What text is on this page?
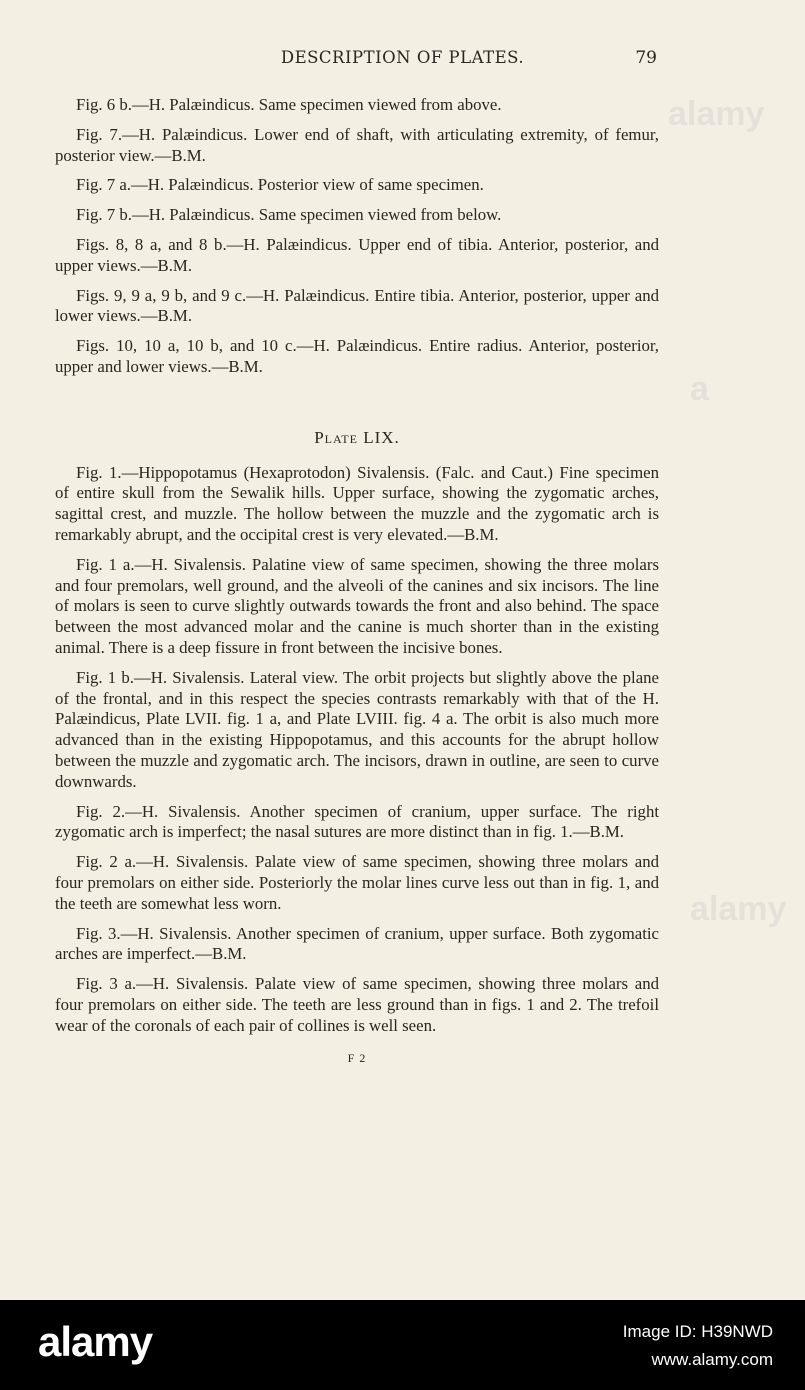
DESCRIPTION OF PLATES.	79

Fig. 6 b.—H. Palæindicus. Same specimen viewed from above.

Fig. 7.—H. Palæindicus. Lower end of shaft, with articulating extremity, of femur, posterior view.—B.M.

Fig. 7 a.—H. Palæindicus. Posterior view of same specimen.

Fig. 7 b.—H. Palæindicus. Same specimen viewed from below.

Figs. 8, 8 a, and 8 b.—H. Palæindicus. Upper end of tibia. Anterior, posterior, and upper views.—B.M.

Figs. 9, 9 a, 9 b, and 9 c.—H. Palæindicus. Entire tibia. Anterior, posterior, upper and lower views.—B.M.

Figs. 10, 10 a, 10 b, and 10 c.—H. Palæindicus. Entire radius. Anterior, posterior, upper and lower views.—B.M.

Plate LIX.

Fig. 1.—Hippopotamus (Hexaprotodon) Sivalensis. (Falc. and Caut.) Fine specimen of entire skull from the Sewalik hills. Upper surface, showing the zygomatic arches, sagittal crest, and muzzle. The hollow between the muzzle and the zygomatic arch is remarkably abrupt, and the occipital crest is very elevated.—B.M.

Fig. 1 a.—H. Sivalensis. Palatine view of same specimen, showing the three molars and four premolars, well ground, and the alveoli of the canines and six incisors. The line of molars is seen to curve slightly outwards towards the front and also behind. The space between the most advanced molar and the canine is much shorter than in the existing animal. There is a deep fissure in front between the incisive bones.

Fig. 1 b.—H. Sivalensis. Lateral view. The orbit projects but slightly above the plane of the frontal, and in this respect the species contrasts remarkably with that of the H. Palæindicus, Plate LVII. fig. 1 a, and Plate LVIII. fig. 4 a. The orbit is also much more advanced than in the existing Hippopotamus, and this accounts for the abrupt hollow between the muzzle and zygomatic arch. The incisors, drawn in outline, are seen to curve downwards.

Fig. 2.—H. Sivalensis. Another specimen of cranium, upper surface. The right zygomatic arch is imperfect; the nasal sutures are more distinct than in fig. 1.—B.M.

Fig. 2 a.—H. Sivalensis. Palate view of same specimen, showing three molars and four premolars on either side. Posteriorly the molar lines curve less out than in fig. 1, and the teeth are somewhat less worn.

Fig. 3.—H. Sivalensis. Another specimen of cranium, upper surface. Both zygomatic arches are imperfect.—B.M.

Fig. 3 a.—H. Sivalensis. Palate view of same specimen, showing three molars and four premolars on either side. The teeth are less ground than in figs. 1 and 2. The trefoil wear of the coronals of each pair of collines is well seen.

F 2
alamy
a
alamy
alamy	Image ID: H39NWD
www.alamy.com
